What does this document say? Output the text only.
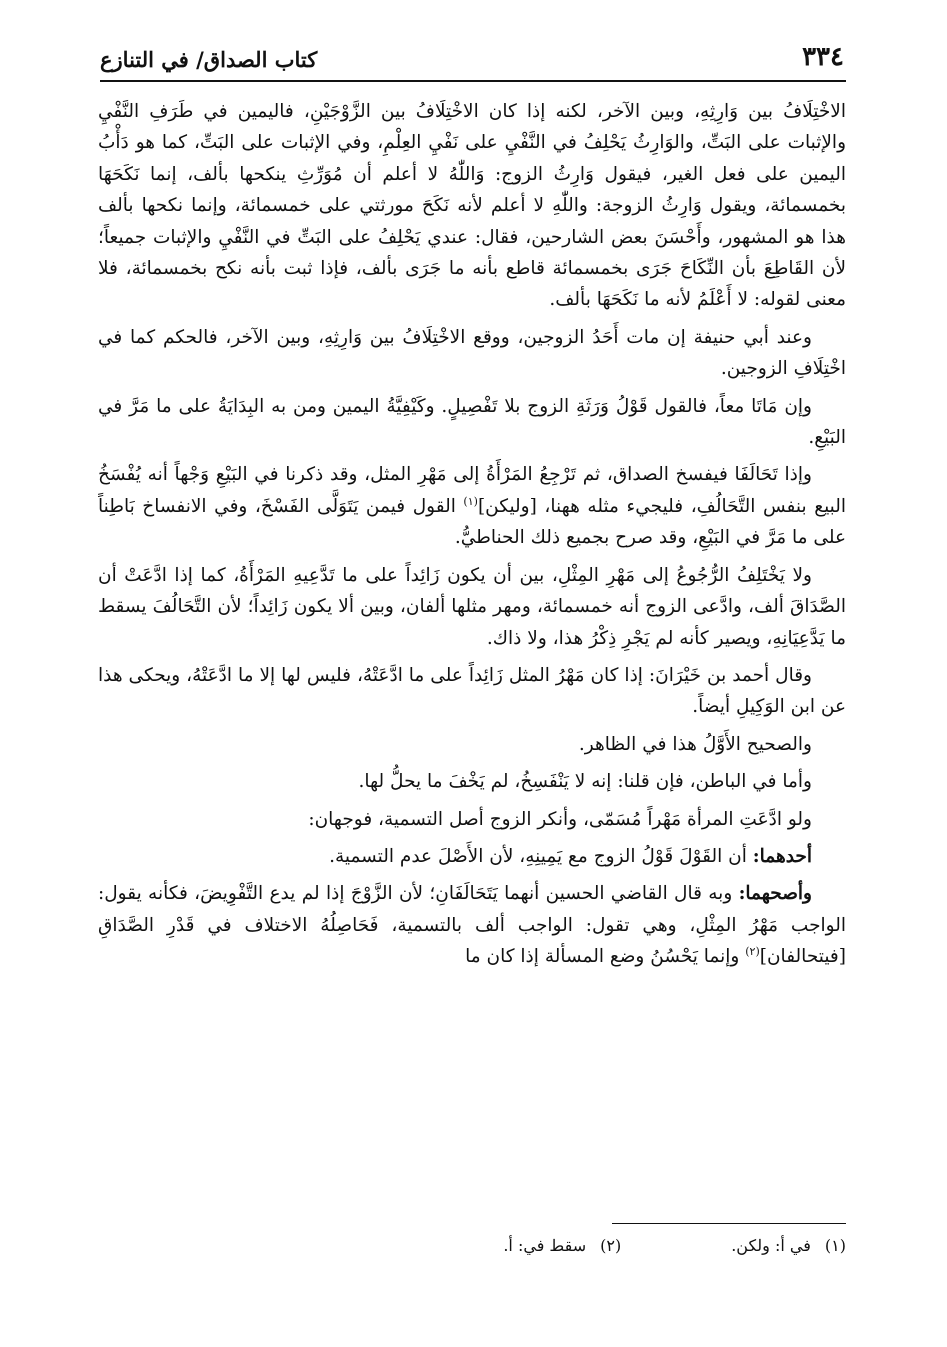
٣٣٤
كتاب الصداق/ في التنازع

الاخْتِلَافُ بين وَارِثِهِ، وبين الآخر، لكنه إذا كان الاخْتِلَافُ بين الزَّوْجَيْنِ، فاليمين في طَرَفِ النَّفْيِ والإثبات على البَتِّ، والوَارِثُ يَحْلِفُ في النَّفْيِ على نَفْيِ العِلْمِ، وفي الإثبات على البَتِّ، كما هو دَأْبُ اليمين على فعل الغير، فيقول وَارِثُ الزوج: وَاللّٰهُ لا أعلم أن مُوَرِّثِ ينكحها بألف، إنما نَكَحَهَا بخمسمائة، ويقول وَارِثُ الزوجة: واللّٰهِ لا أعلم لأنه نَكَحَ مورثتي على خمسمائة، وإنما نكحها بألف هذا هو المشهور، وأَحْسَنَ بعض الشارحين، فقال: عندي يَحْلِفُ على البَتِّ في النَّفْيِ والإثبات جميعاً؛ لأن القَاطِعَ بأن النِّكَاحَ جَرَى بخمسمائة قاطع بأنه ما جَرَى بألف، فإذا ثبت بأنه نكح بخمسمائة، فلا معنى لقوله: لا أَعْلَمُ لأنه ما نَكَحَهَا بألف.

وعند أبي حنيفة إن مات أَحَدُ الزوجين، ووقع الاخْتِلَافُ بين وَارِثِهِ، وبين الآخر، فالحكم كما في اخْتِلَافِ الزوجين.

وإن مَاتَا معاً، فالقول قَوْلُ وَرَثَةِ الزوج بلا تَفْصِيلٍ. وكَيْفِيَّةُ اليمين ومن به البِدَايَةُ على ما مَرَّ في البَيْعِ.

وإذا تَحَالَفَا فيفسخ الصداق، ثم تَرْجِعُ المَرْأَةُ إلى مَهْرِ المثل، وقد ذكرنا في البَيْعِ وَجْهاً أنه يُفْسَخُ البيع بنفس التَّحَالُفِ، فليجيء مثله ههنا، [وليكن]$^{(١)}$ القول فيمن يَتَوَلَّى الفَسْخَ، وفي الانفساخ بَاطِناً على ما مَرَّ في البَيْعِ، وقد صرح بجميع ذلك الحناطيُّ.

ولا يَخْتَلِفُ الرُّجُوعُ إلى مَهْرِ المِثْلِ، بين أن يكون زَائِداً على ما تَدَّعِيهِ المَرْأَةُ، كما إذا ادَّعَتْ أن الصَّدَاقَ ألف، وادَّعى الزوج أنه خمسمائة، ومهر مثلها ألفان، وبين ألا يكون زَائِداً؛ لأن التَّحَالُفَ يسقط ما يَدَّعِيَانِهِ، ويصير كأنه لم يَجْرِ ذِكْرُ هذا، ولا ذاك.

وقال أحمد بن خَيْرَانَ: إذا كان مَهْرُ المثل زَائِداً على ما ادَّعَتْهُ، فليس لها إلا ما ادَّعَتْهُ، ويحكى هذا عن ابن الوَكِيلِ أيضاً.

والصحيح الأَوَّلُ هذا في الظاهر.

وأما في الباطن، فإن قلنا: إنه لا يَنْفَسِخُ، لم يَخْفَ ما يحلُّ لها.

ولو ادَّعَتِ المرأة مَهْراً مُسَمّى، وأنكر الزوج أصل التسمية، فوجهان:

أحدهما: أن القَوْلَ قَوْلُ الزوج مع يَمِينِهِ، لأن الأَصْلَ عدم التسمية.

وأصحهما: وبه قال القاضي الحسين أنهما يَتَحَالَفَانِ؛ لأن الزَّوْجَ إذا لم يدع التَّفْوِيضَ، فكأنه يقول: الواجب مَهْرُ المِثْلِ، وهي تقول: الواجب ألف بالتسمية، فَحَاصِلُهُ الاختلاف في قَدْرِ الصَّدَاقِ [فيتحالفان]$^{(٢)}$ وإنما يَحْسُنُ وضع المسألة إذا كان ما

(١)في أ: ولكن.
(٢)سقط في: أ.
